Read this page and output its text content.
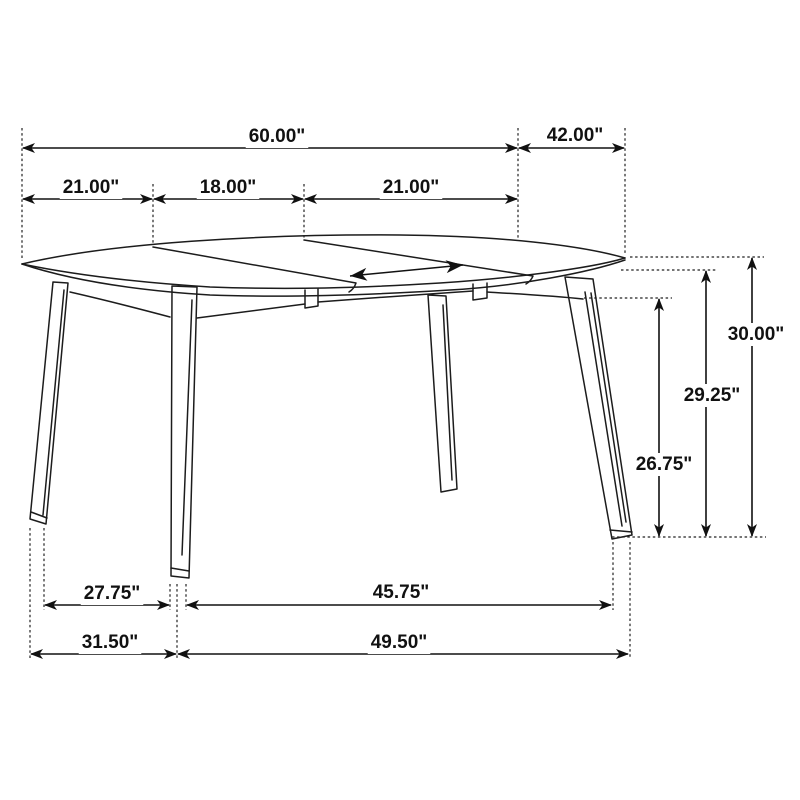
60.00"	42.00"
21.00"	18.00"	21.00"
27.75"	45.75"
31.50"	49.50"
30.00"
29.25"
26.75"
